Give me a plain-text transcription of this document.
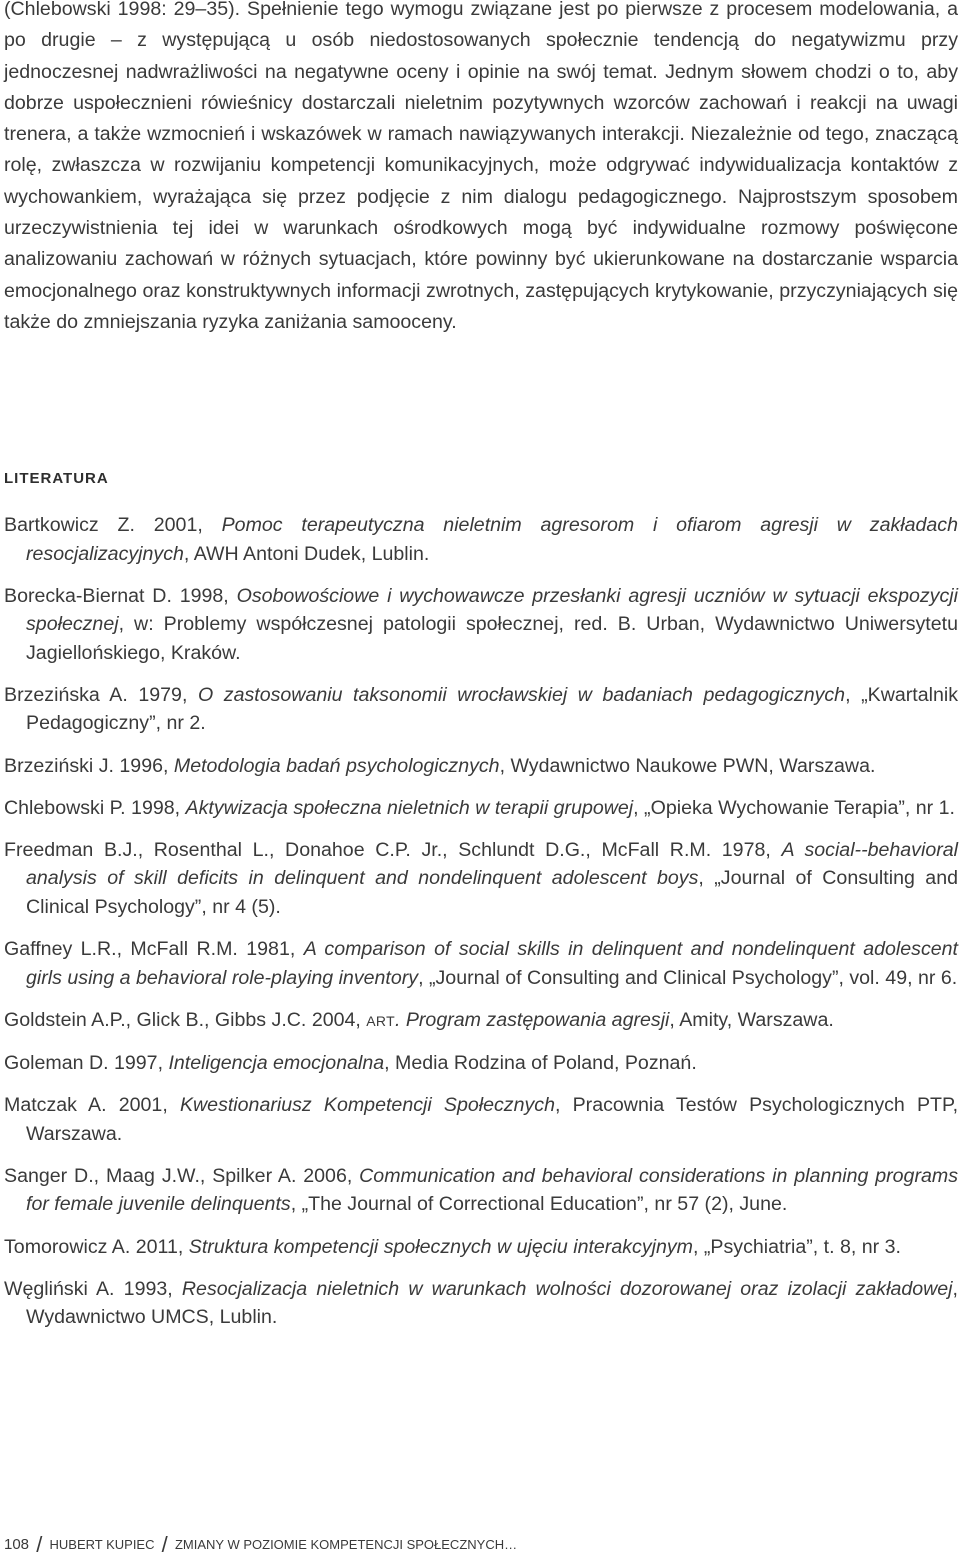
(Chlebowski 1998: 29–35). Spełnienie tego wymogu związane jest po pierwsze z procesem modelowania, a po drugie – z występującą u osób niedostosowanych społecznie tendencją do negatywizmu przy jednoczesnej nadwrażliwości na negatywne oceny i opinie na swój temat. Jednym słowem chodzi o to, aby dobrze uspołecznieni rówieśnicy dostarczali nieletnim pozytywnych wzorców zachowań i reakcji na uwagi trenera, a także wzmocnień i wskazówek w ramach nawiązywanych interakcji. Niezależnie od tego, znaczącą rolę, zwłaszcza w rozwijaniu kompetencji komunikacyjnych, może odgrywać indywidualizacja kontaktów z wychowankiem, wyrażająca się przez podjęcie z nim dialogu pedagogicznego. Najprostszym sposobem urzeczywistnienia tej idei w warunkach ośrodkowych mogą być indywidualne rozmowy poświęcone analizowaniu zachowań w różnych sytuacjach, które powinny być ukierunkowane na dostarczanie wsparcia emocjonalnego oraz konstruktywnych informacji zwrotnych, zastępujących krytykowanie, przyczyniających się także do zmniejszania ryzyka zaniżania samooceny.

LITERATURA
Bartkowicz Z. 2001, Pomoc terapeutyczna nieletnim agresorom i ofiarom agresji w zakładach resocjalizacyjnych, AWH Antoni Dudek, Lublin.
Borecka-Biernat D. 1998, Osobowościowe i wychowawcze przesłanki agresji uczniów w sytuacji ekspozycji społecznej, w: Problemy współczesnej patologii społecznej, red. B. Urban, Wydawnictwo Uniwersytetu Jagiellońskiego, Kraków.
Brzezińska A. 1979, O zastosowaniu taksonomii wrocławskiej w badaniach pedagogicznych, „Kwartalnik Pedagogiczny”, nr 2.
Brzeziński J. 1996, Metodologia badań psychologicznych, Wydawnictwo Naukowe PWN, Warszawa.
Chlebowski P. 1998, Aktywizacja społeczna nieletnich w terapii grupowej, „Opieka Wychowanie Terapia”, nr 1.
Freedman B.J., Rosenthal L., Donahoe C.P. Jr., Schlundt D.G., McFall R.M. 1978, A social--behavioral analysis of skill deficits in delinquent and nondelinquent adolescent boys, „Journal of Consulting and Clinical Psychology”, nr 4 (5).
Gaffney L.R., McFall R.M. 1981, A comparison of social skills in delinquent and nondelinquent adolescent girls using a behavioral role-playing inventory, „Journal of Consulting and Clinical Psychology”, vol. 49, nr 6.
Goldstein A.P., Glick B., Gibbs J.C. 2004, ART. Program zastępowania agresji, Amity, Warszawa.
Goleman D. 1997, Inteligencja emocjonalna, Media Rodzina of Poland, Poznań.
Matczak A. 2001, Kwestionariusz Kompetencji Społecznych, Pracownia Testów Psychologicznych PTP, Warszawa.
Sanger D., Maag J.W., Spilker A. 2006, Communication and behavioral considerations in planning programs for female juvenile delinquents, „The Journal of Correctional Education”, nr 57 (2), June.
Tomorowicz A. 2011, Struktura kompetencji społecznych w ujęciu interakcyjnym, „Psychiatria”, t. 8, nr 3.
Węgliński A. 1993, Resocjalizacja nieletnich w warunkach wolności dozorowanej oraz izolacji zakładowej, Wydawnictwo UMCS, Lublin.
108 / HUBERT KUPIEC / ZMIANY W POZIOMIE KOMPETENCJI SPOŁECZNYCH…
